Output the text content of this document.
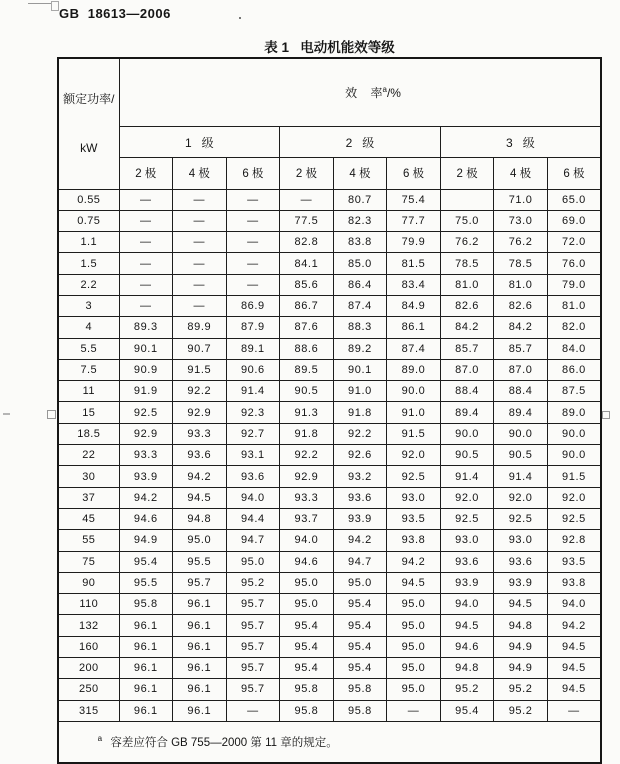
GB  18613—2006
表 1   电动机能效等级

额定功率/

kW	效    率$^a$/%								

	1   级			2   级			3   级		
	2 极	4 极	6 极	2 极	4 极	6 极	2 极	4 极	6 极
0.55	—	—	—	—	80.7	75.4		71.0	65.0
0.75	—	—	—	77.5	82.3	77.7	75.0	73.0	69.0
1.1	—	—	—	82.8	83.8	79.9	76.2	76.2	72.0
1.5	—	—	—	84.1	85.0	81.5	78.5	78.5	76.0
2.2	—	—	—	85.6	86.4	83.4	81.0	81.0	79.0
3	—	—	86.9	86.7	87.4	84.9	82.6	82.6	81.0
4	89.3	89.9	87.9	87.6	88.3	86.1	84.2	84.2	82.0
5.5	90.1	90.7	89.1	88.6	89.2	87.4	85.7	85.7	84.0
7.5	90.9	91.5	90.6	89.5	90.1	89.0	87.0	87.0	86.0
11	91.9	92.2	91.4	90.5	91.0	90.0	88.4	88.4	87.5
15	92.5	92.9	92.3	91.3	91.8	91.0	89.4	89.4	89.0
18.5	92.9	93.3	92.7	91.8	92.2	91.5	90.0	90.0	90.0
22	93.3	93.6	93.1	92.2	92.6	92.0	90.5	90.5	90.0
30	93.9	94.2	93.6	92.9	93.2	92.5	91.4	91.4	91.5
37	94.2	94.5	94.0	93.3	93.6	93.0	92.0	92.0	92.0
45	94.6	94.8	94.4	93.7	93.9	93.5	92.5	92.5	92.5
55	94.9	95.0	94.7	94.0	94.2	93.8	93.0	93.0	92.8
75	95.4	95.5	95.0	94.6	94.7	94.2	93.6	93.6	93.5
90	95.5	95.7	95.2	95.0	95.0	94.5	93.9	93.9	93.8
110	95.8	96.1	95.7	95.0	95.4	95.0	94.0	94.5	94.0
132	96.1	96.1	95.7	95.4	95.4	95.0	94.5	94.8	94.2
160	96.1	96.1	95.7	95.4	95.4	95.0	94.6	94.9	94.5
200	96.1	96.1	95.7	95.4	95.4	95.0	94.8	94.9	94.5
250	96.1	96.1	95.7	95.8	95.8	95.0	95.2	95.2	94.5
315	96.1	96.1	—	95.8	95.8	—	95.4	95.2	—

$^a$  容差应符合 GB 755—2000 第 11 章的规定。									
